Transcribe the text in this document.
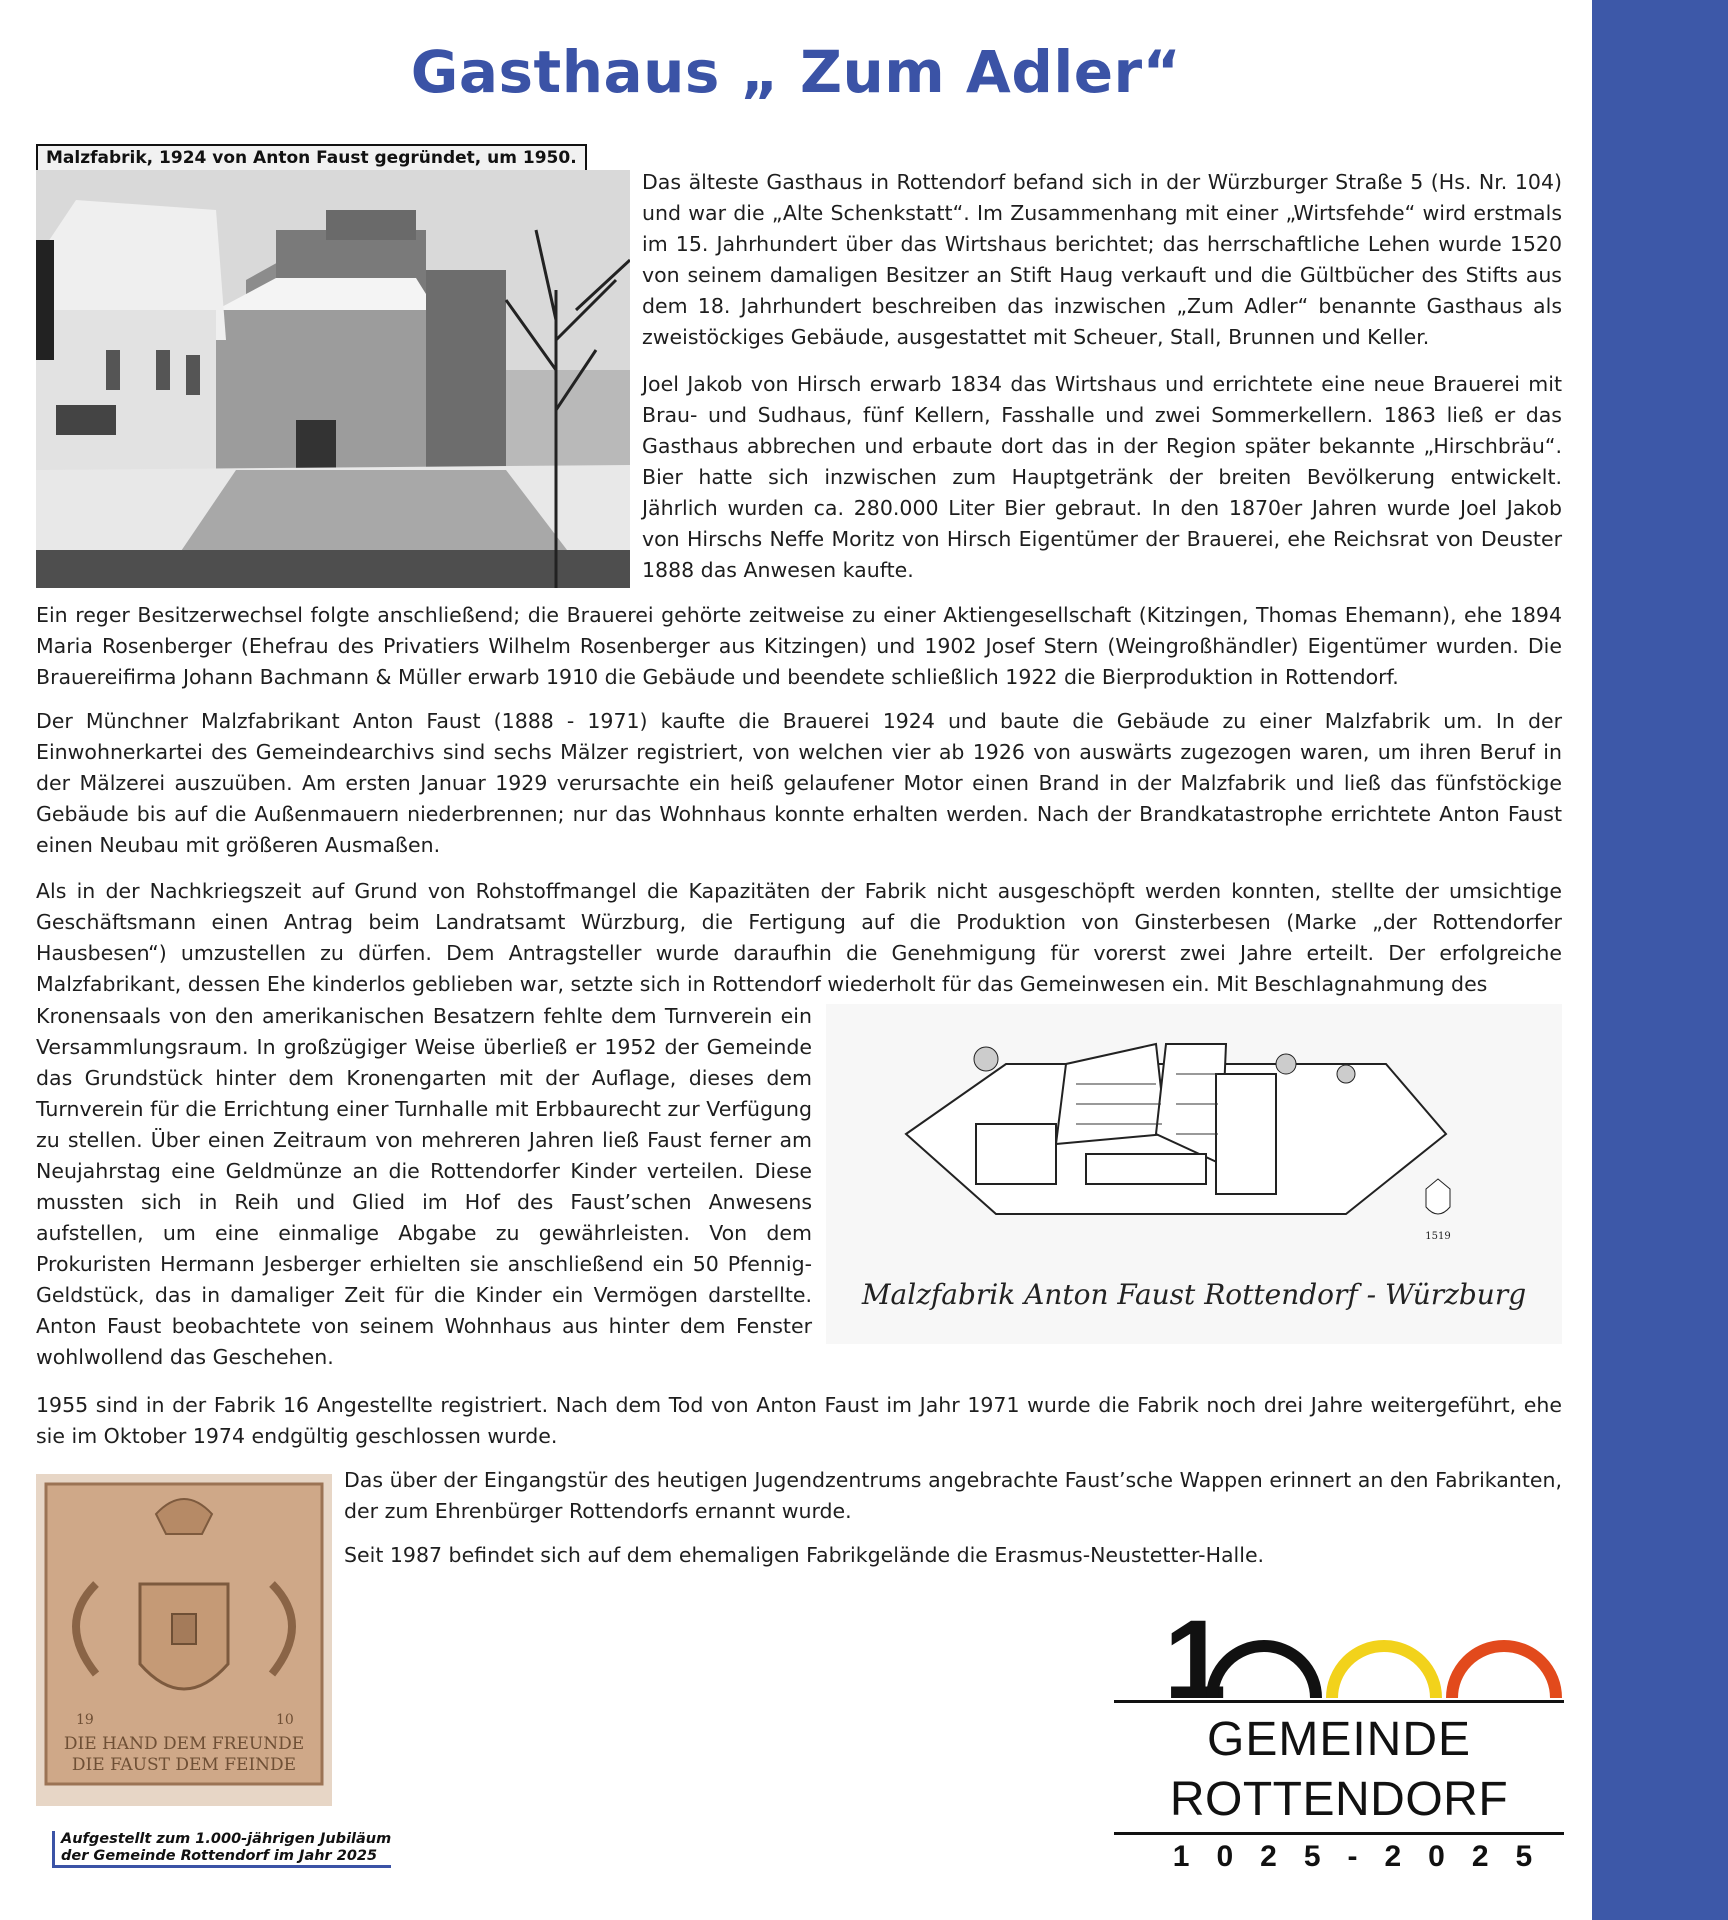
Gasthaus „ Zum Adler“
Malzfabrik, 1924 von Anton Faust gegründet, um 1950.

Das älteste Gasthaus in Rottendorf befand sich in der Würzburger Straße 5 (Hs. Nr. 104) und war die „Alte Schenkstatt“. Im Zusammenhang mit einer „Wirtsfehde“ wird erstmals im 15. Jahrhundert über das Wirtshaus berichtet; das herrschaftliche Lehen wurde 1520 von seinem damaligen Besitzer an Stift Haug verkauft und die Gültbücher des Stifts aus dem 18. Jahrhundert beschreiben das inzwischen „Zum Adler“ benannte Gasthaus als zweistöckiges Gebäude, ausgestattet mit Scheuer, Stall, Brunnen und Keller.

Joel Jakob von Hirsch erwarb 1834 das Wirtshaus und errichtete eine neue Brauerei mit Brau- und Sudhaus, fünf Kellern, Fasshalle und zwei Sommerkellern. 1863 ließ er das Gasthaus abbrechen und erbaute dort das in der Region später bekannte „Hirschbräu“. Bier hatte sich inzwischen zum Hauptgetränk der breiten Bevölkerung entwickelt. Jährlich wurden ca. 280.000 Liter Bier gebraut. In den 1870er Jahren wurde Joel Jakob von Hirschs Neffe Moritz von Hirsch Eigentümer der Brauerei, ehe Reichsrat von Deuster 1888 das Anwesen kaufte.

Ein reger Besitzerwechsel folgte anschließend; die Brauerei gehörte zeitweise zu einer Aktiengesellschaft (Kitzingen, Thomas Ehemann), ehe 1894 Maria Rosenberger (Ehefrau des Privatiers Wilhelm Rosenberger aus Kitzingen) und 1902 Josef Stern (Weingroßhändler) Eigentümer wurden. Die Brauereifirma Johann Bachmann & Müller erwarb 1910 die Gebäude und beendete schließlich 1922 die Bierproduktion in Rottendorf.

Der Münchner Malzfabrikant Anton Faust (1888 - 1971) kaufte die Brauerei 1924 und baute die Gebäude zu einer Malzfabrik um. In der Einwohnerkartei des Gemeindearchivs sind sechs Mälzer registriert, von welchen vier ab 1926 von auswärts zugezogen waren, um ihren Beruf in der Mälzerei auszuüben. Am ersten Januar 1929 verursachte ein heiß gelaufener Motor einen Brand in der Malzfabrik und ließ das fünfstöckige Gebäude bis auf die Außenmauern niederbrennen; nur das Wohnhaus konnte erhalten werden. Nach der Brandkatastrophe errichtete Anton Faust einen Neubau mit größeren Ausmaßen.

Als in der Nachkriegszeit auf Grund von Rohstoffmangel die Kapazitäten der Fabrik nicht ausgeschöpft werden konnten, stellte der umsichtige Geschäftsmann einen Antrag beim Landratsamt Würzburg, die Fertigung auf die Produktion von Ginsterbesen (Marke „der Rottendorfer Hausbesen“) umzustellen zu dürfen. Dem Antragsteller wurde daraufhin die Genehmigung für vorerst zwei Jahre erteilt. Der erfolgreiche Malzfabrikant, dessen Ehe kinderlos geblieben war, setzte sich in Rottendorf wiederholt für das Gemeinwesen ein. Mit Beschlagnahmung des

Kronensaals von den amerikanischen Besatzern fehlte dem Turnverein ein Versammlungsraum. In großzügiger Weise überließ er 1952 der Gemeinde das Grundstück hinter dem Kronengarten mit der Auflage, dieses dem Turnverein für die Errichtung einer Turnhalle mit Erbbaurecht zur Verfügung zu stellen. Über einen Zeitraum von mehreren Jahren ließ Faust ferner am Neujahrstag eine Geldmünze an die Rottendorfer Kinder verteilen. Diese mussten sich in Reih und Glied im Hof des Faust’schen Anwesens aufstellen, um eine einmalige Abgabe zu gewährleisten. Von dem Prokuristen Hermann Jesberger erhielten sie anschließend ein 50 Pfennig-Geldstück, das in damaliger Zeit für die Kinder ein Vermögen darstellte. Anton Faust beobachtete von seinem Wohnhaus aus hinter dem Fenster wohlwollend das Geschehen.

1519
Malzfabrik Anton Faust Rottendorf - Würzburg

1955 sind in der Fabrik 16 Angestellte registriert. Nach dem Tod von Anton Faust im Jahr 1971 wurde die Fabrik noch drei Jahre weitergeführt, ehe sie im Oktober 1974 endgültig geschlossen wurde.

19	10
DIE HAND DEM FREUNDE
DIE FAUST DEM FEINDE

Das über der Eingangstür des heutigen Jugendzentrums angebrachte Faust’sche Wappen erinnert an den Fabrikanten, der zum Ehrenbürger Rottendorfs ernannt wurde.

Seit 1987 befindet sich auf dem ehemaligen Fabrikgelände die Erasmus-Neustetter-Halle.

Aufgestellt zum 1.000-jährigen Jubiläum
der Gemeinde Rottendorf im Jahr 2025
1
GEMEINDE
ROTTENDORF
1025-2025
